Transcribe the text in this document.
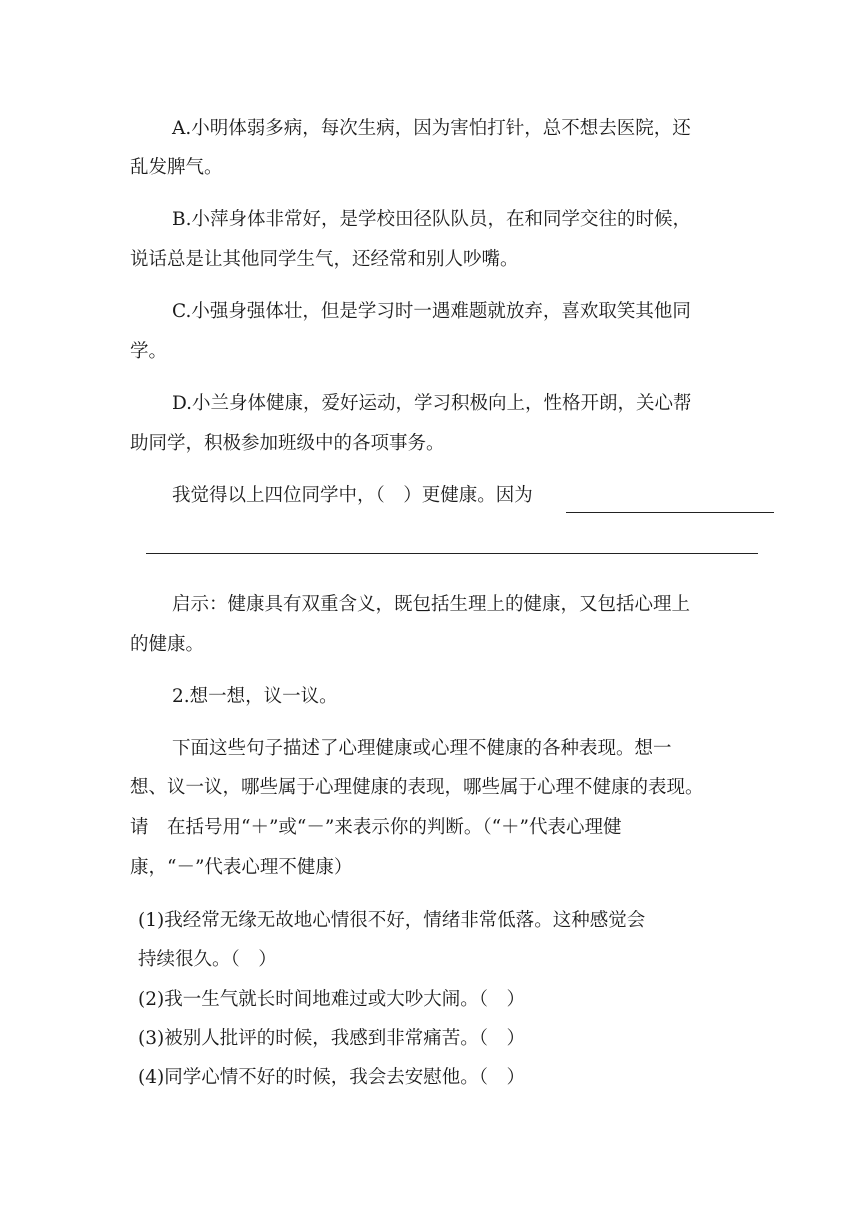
A.小明体弱多病，每次生病，因为害怕打针，总不想去医院，还

乱发脾气。

B.小萍身体非常好，是学校田径队队员，在和同学交往的时候，

说话总是让其他同学生气，还经常和别人吵嘴。

C.小强身强体壮，但是学习时一遇难题就放弃，喜欢取笑其他同

学。

D.小兰身体健康，爱好运动，学习积极向上，性格开朗，关心帮

助同学，积极参加班级中的各项事务。

我觉得以上四位同学中，（　）更健康。因为

启示：健康具有双重含义，既包括生理上的健康，又包括心理上

的健康。

2.想一想，议一议。

下面这些句子描述了心理健康或心理不健康的各种表现。想一

想、议一议，哪些属于心理健康的表现，哪些属于心理不健康的表现。

请　在括号用“＋”或“－”来表示你的判断。（“＋”代表心理健

康，“－”代表心理不健康）

(1)我经常无缘无故地心情很不好，情绪非常低落。这种感觉会

持续很久。（　）

(2)我一生气就长时间地难过或大吵大闹。（　）

(3)被别人批评的时候，我感到非常痛苦。（　）

(4)同学心情不好的时候，我会去安慰他。（　）
